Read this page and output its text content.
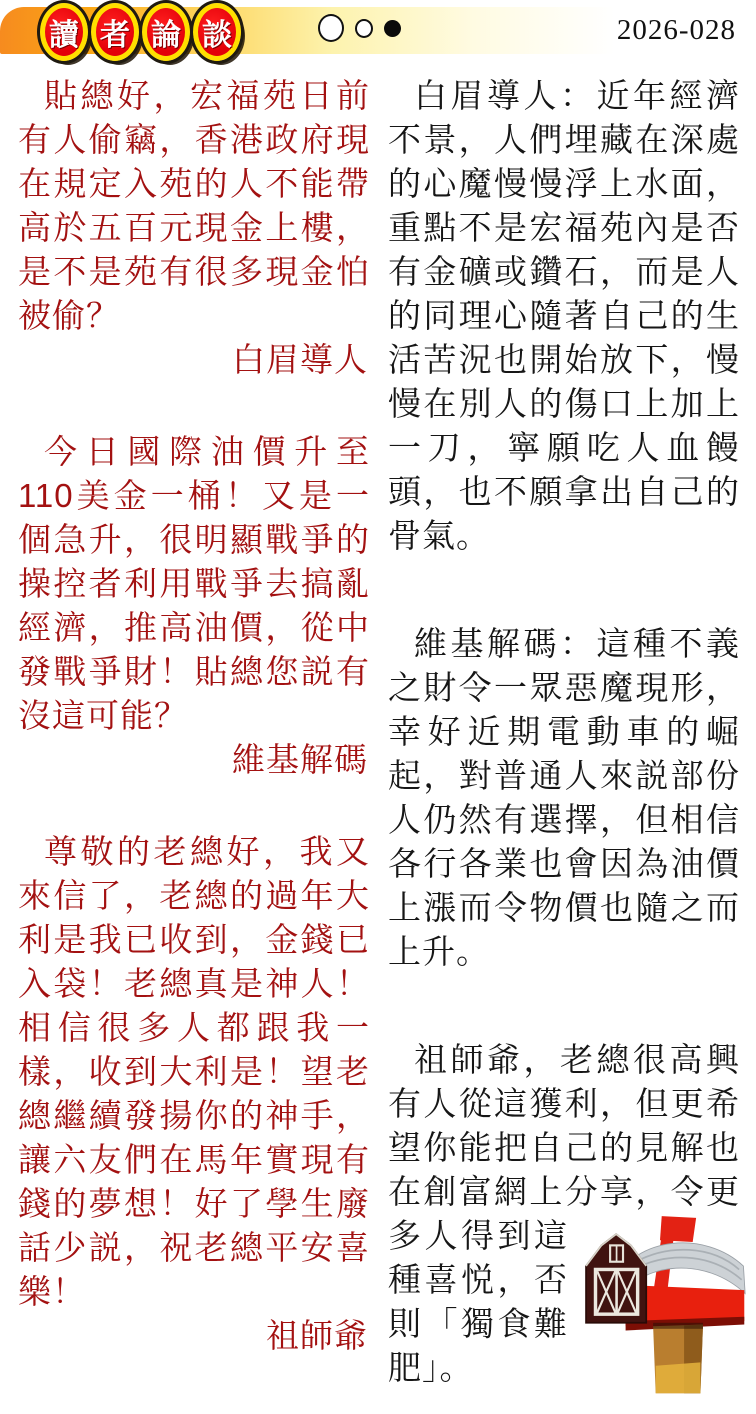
讀 者 論 談	2026-028

貼總好，宏福苑日前有人偷竊，香港政府現在規定入苑的人不能帶高於五百元現金上樓，是不是苑有很多現金怕被偷？

白眉導人

今日國際油價升至110美金一桶！又是一個急升，很明顯戰爭的操控者利用戰爭去搞亂經濟，推高油價，從中發戰爭財！貼總您説有沒這可能？

維基解碼

尊敬的老總好，我又來信了，老總的過年大利是我已收到，金錢已入袋！老總真是神人！相信很多人都跟我一樣，收到大利是！望老總繼續發揚你的神手，讓六友們在馬年實現有錢的夢想！好了學生廢話少説，祝老總平安喜樂！

祖師爺

白眉導人：近年經濟不景，人們埋藏在深處的心魔慢慢浮上水面，重點不是宏福苑內是否有金礦或鑽石，而是人的同理心隨著自己的生活苦況也開始放下，慢慢在別人的傷口上加上一刀，寧願吃人血饅頭，也不願拿出自己的骨氣。

維基解碼：這種不義之財令一眾惡魔現形，幸好近期電動車的崛起，對普通人來説部份人仍然有選擇，但相信各行各業也會因為油價上漲而令物價也隨之而上升。

祖師爺，老總很高興有人從這獲利，但更希望你能把自己的見解也在創富網上分享，令
更多人得到這種喜悦，否則「獨食難肥」。
